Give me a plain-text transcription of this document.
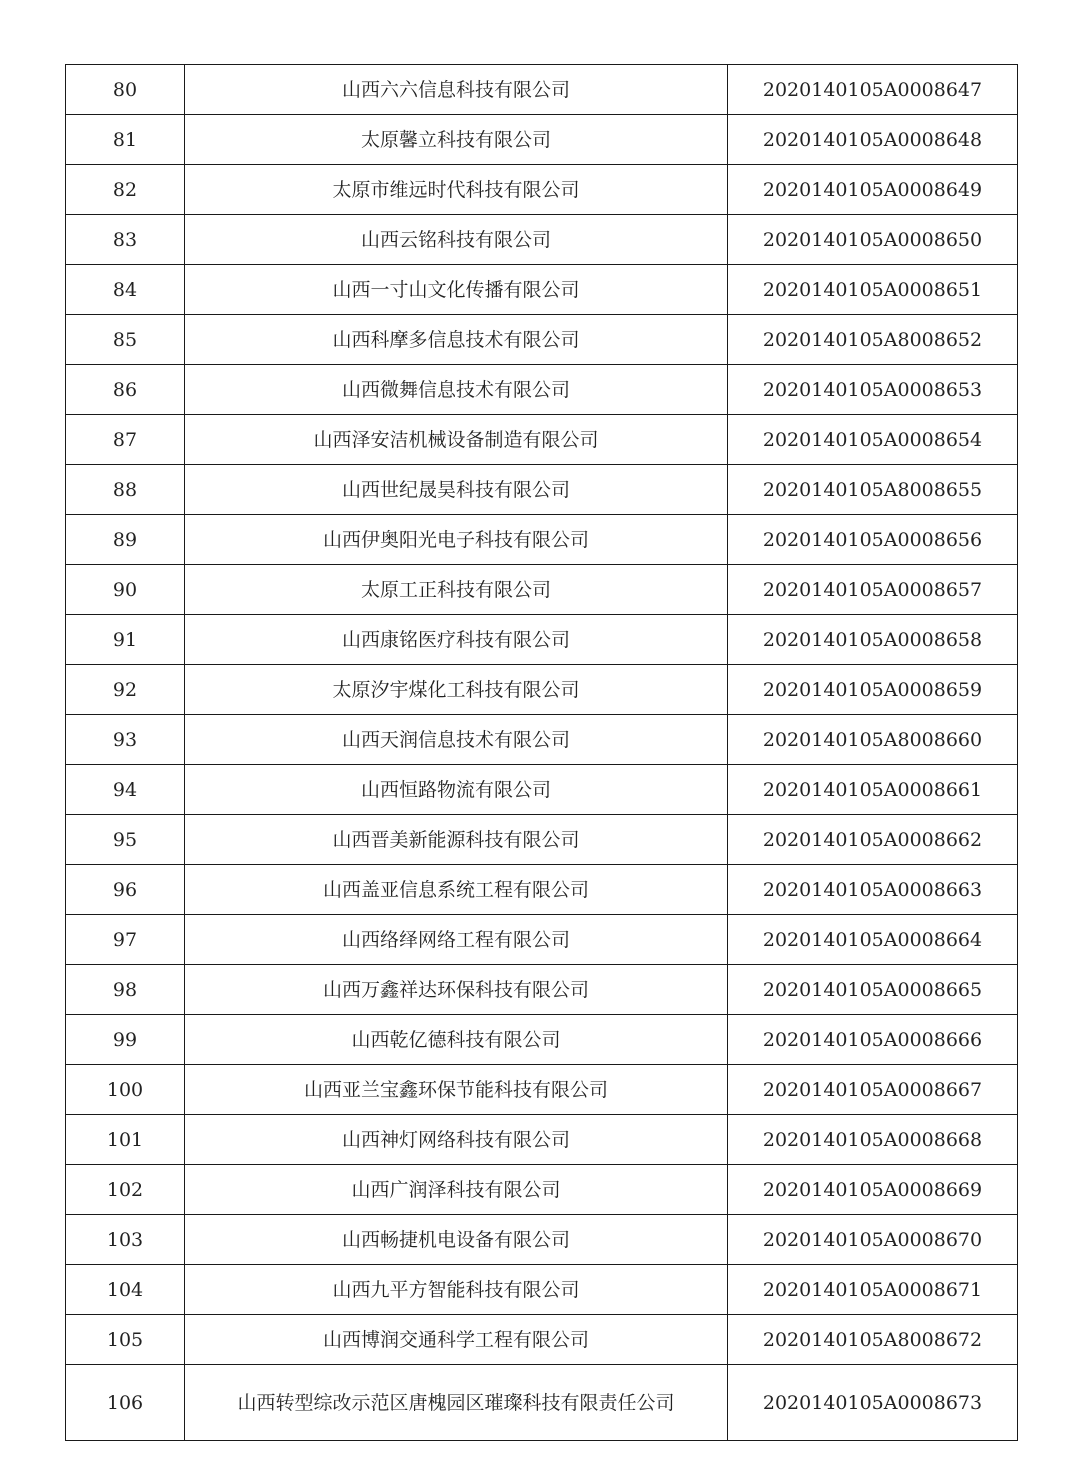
80	山西六六信息科技有限公司	2020140105A0008647
81	太原馨立科技有限公司	2020140105A0008648
82	太原市维远时代科技有限公司	2020140105A0008649
83	山西云铭科技有限公司	2020140105A0008650
84	山西一寸山文化传播有限公司	2020140105A0008651
85	山西科摩多信息技术有限公司	2020140105A8008652
86	山西微舞信息技术有限公司	2020140105A0008653
87	山西泽安洁机械设备制造有限公司	2020140105A0008654
88	山西世纪晟昊科技有限公司	2020140105A8008655
89	山西伊奥阳光电子科技有限公司	2020140105A0008656
90	太原工正科技有限公司	2020140105A0008657
91	山西康铭医疗科技有限公司	2020140105A0008658
92	太原汐宇煤化工科技有限公司	2020140105A0008659
93	山西天润信息技术有限公司	2020140105A8008660
94	山西恒路物流有限公司	2020140105A0008661
95	山西晋美新能源科技有限公司	2020140105A0008662
96	山西盖亚信息系统工程有限公司	2020140105A0008663
97	山西络绎网络工程有限公司	2020140105A0008664
98	山西万鑫祥达环保科技有限公司	2020140105A0008665
99	山西乾亿德科技有限公司	2020140105A0008666
100	山西亚兰宝鑫环保节能科技有限公司	2020140105A0008667
101	山西神灯网络科技有限公司	2020140105A0008668
102	山西广润泽科技有限公司	2020140105A0008669
103	山西畅捷机电设备有限公司	2020140105A0008670
104	山西九平方智能科技有限公司	2020140105A0008671
105	山西博润交通科学工程有限公司	2020140105A8008672
106	山西转型综改示范区唐槐园区璀璨科技有限责任公司	2020140105A0008673
